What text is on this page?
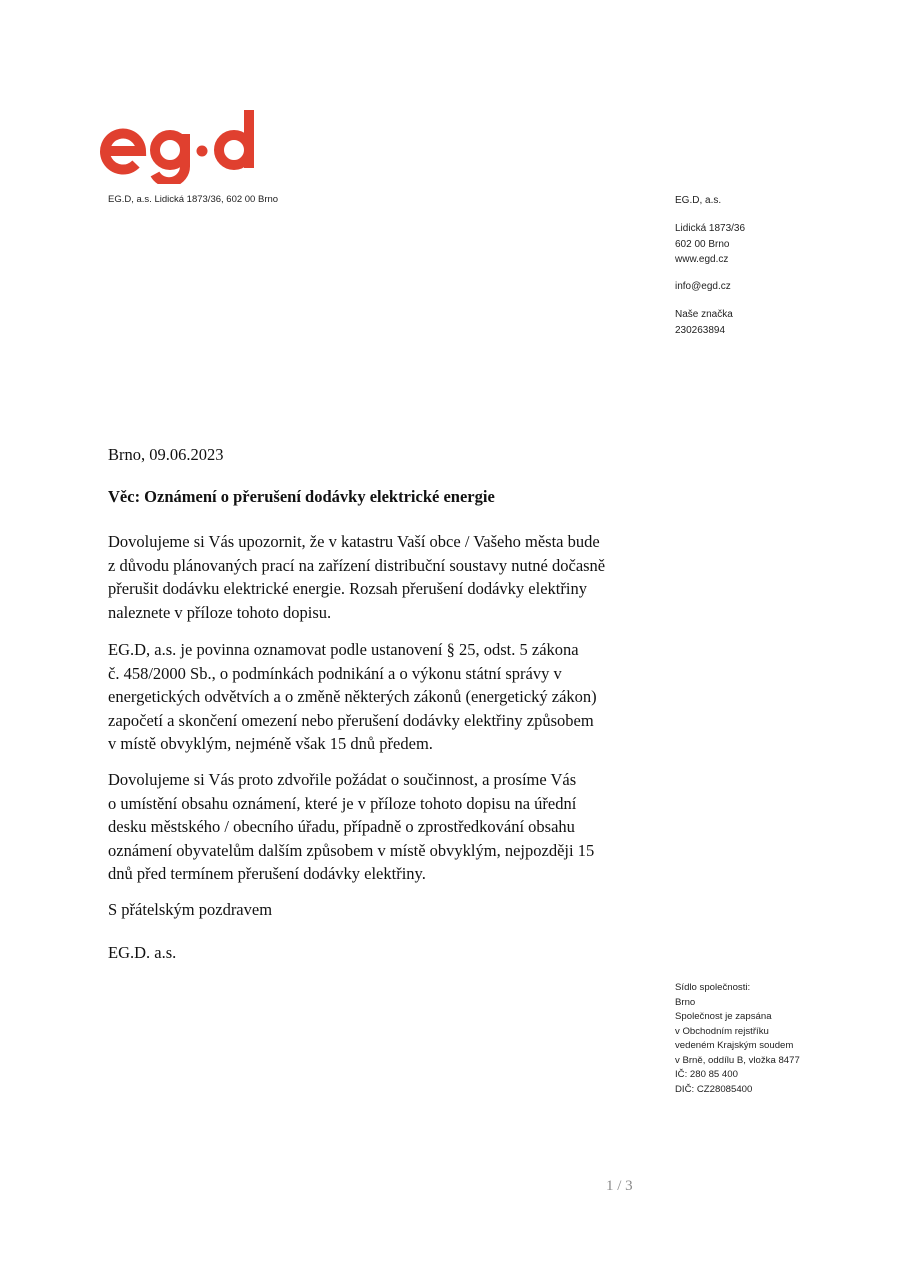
EG.D, a.s. Lidická 1873/36, 602 00 Brno	EG.D, a.s.
Lidická 1873/36
602 00 Brno
www.egd.cz
info@egd.cz
Naše značka
230263894
Brno, 09.06.2023
Věc: Oznámení o přerušení dodávky elektrické energie
Dovolujeme si Vás upozornit, že v katastru Vaší obce / Vašeho města bude
z důvodu plánovaných prací na zařízení distribuční soustavy nutné dočasně
přerušit dodávku elektrické energie. Rozsah přerušení dodávky elektřiny
naleznete v příloze tohoto dopisu.
EG.D, a.s. je povinna oznamovat podle ustanovení § 25, odst. 5 zákona
č. 458/2000 Sb., o podmínkách podnikání a o výkonu státní správy v
energetických odvětvích a o změně některých zákonů (energetický zákon)
započetí a skončení omezení nebo přerušení dodávky elektřiny způsobem
v místě obvyklým, nejméně však 15 dnů předem.
Dovolujeme si Vás proto zdvořile požádat o součinnost, a prosíme Vás
o umístění obsahu oznámení, které je v příloze tohoto dopisu na úřední
desku městského / obecního úřadu, případně o zprostředkování obsahu
oznámení obyvatelům dalším způsobem v místě obvyklým, nejpozději 15
dnů před termínem přerušení dodávky elektřiny.
S přátelským pozdravem
EG.D. a.s.
Sídlo společnosti:
Brno
Společnost je zapsána
v Obchodním rejstříku
vedeném Krajským soudem
v Brně, oddílu B, vložka 8477
IČ: 280 85 400
DIČ: CZ28085400
1 / 3
